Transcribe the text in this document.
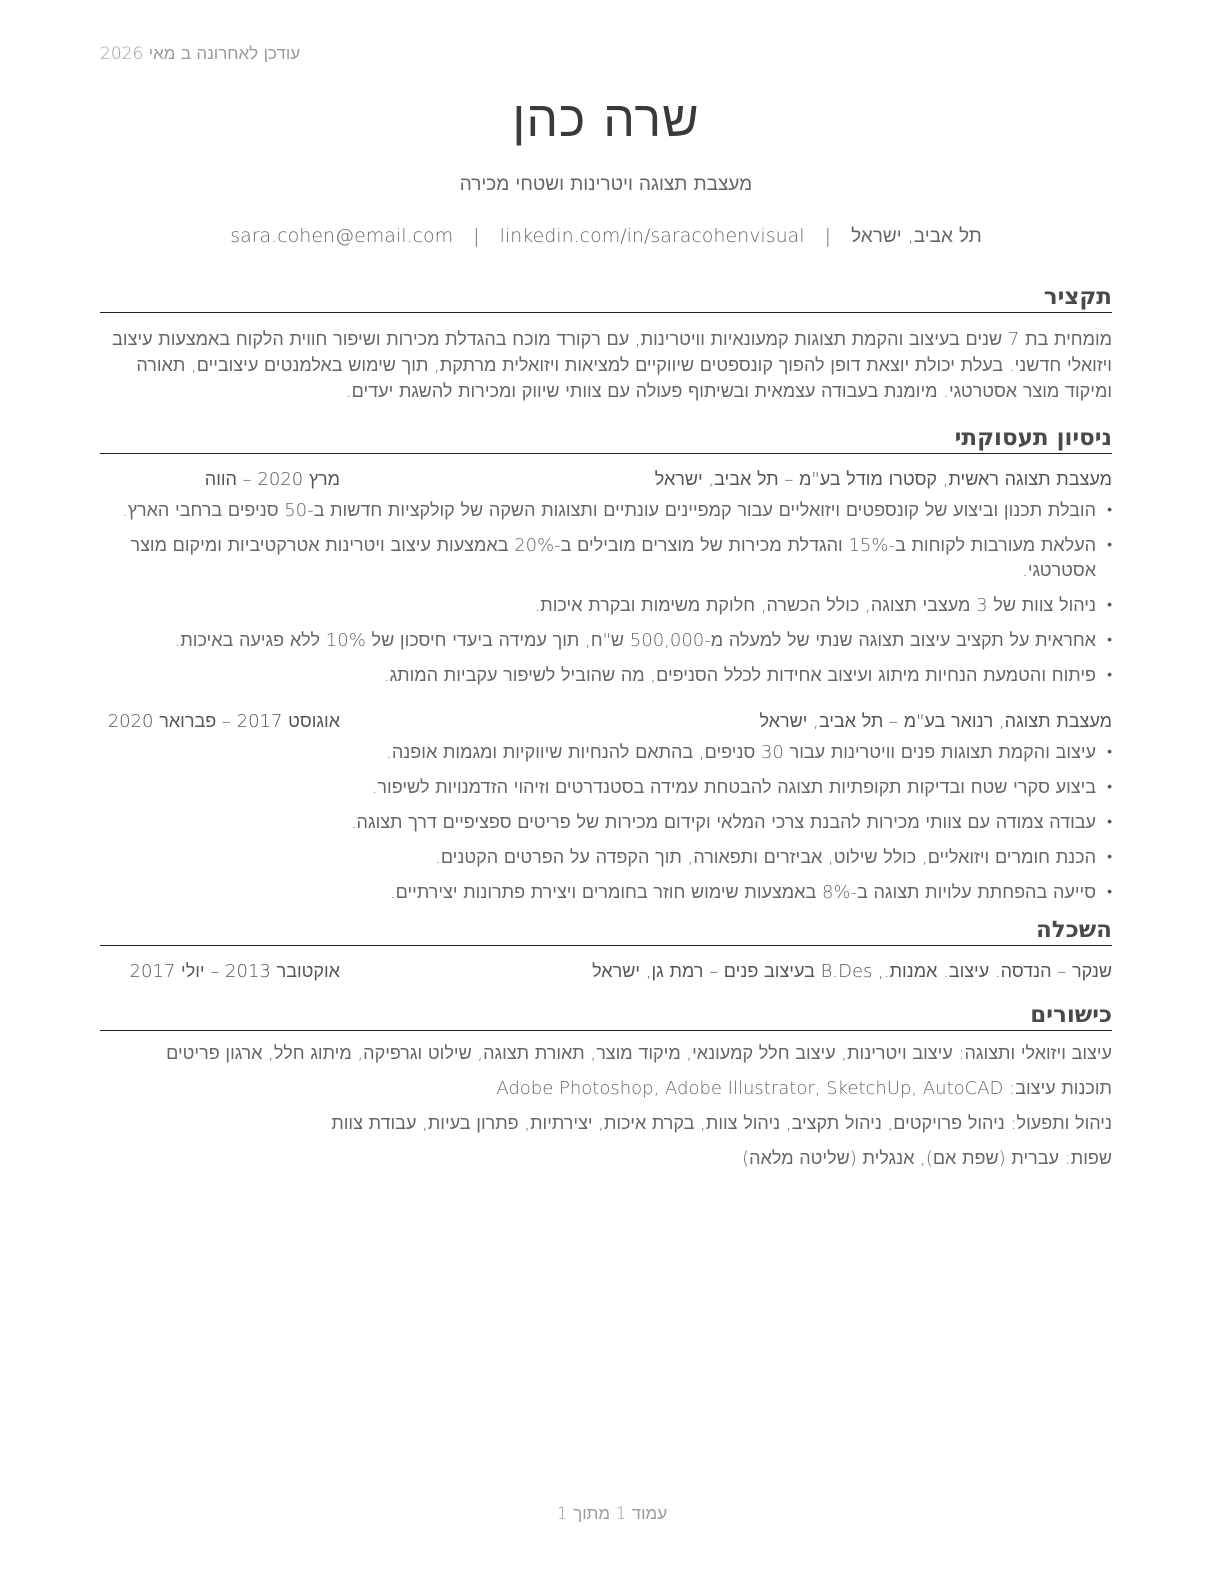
עודכן לאחרונה ב מאי 2026
שרה כהן
מעצבת תצוגה ויטרינות ושטחי מכירה
תל אביב, ישראל | sara.cohen@email.com | linkedin.com/in/saracohenvisual
תקציר

מומחית בת 7 שנים בעיצוב והקמת תצוגות קמעונאיות וויטרינות, עם רקורד מוכח בהגדלת מכירות ושיפור חווית הלקוח באמצעות עיצוב ויזואלי חדשני. בעלת יכולת יוצאת דופן להפוך קונספטים שיווקיים למציאות ויזואלית מרתקת, תוך שימוש באלמנטים עיצוביים, תאורה ומיקוד מוצר אסטרטגי. מיומנת בעבודה עצמאית ובשיתוף פעולה עם צוותי שיווק ומכירות להשגת יעדים.

ניסיון תעסוקתי
מעצבת תצוגה ראשית, קסטרו מודל בע"מ – תל אביב, ישראל
מרץ 2020 – הווה
• הובלת תכנון וביצוע של קונספטים ויזואליים עבור קמפיינים עונתיים ותצוגות השקה של קולקציות חדשות ב-50 סניפים ברחבי הארץ.
• העלאת מעורבות לקוחות ב-15% והגדלת מכירות של מוצרים מובילים ב-20% באמצעות עיצוב ויטרינות אטרקטיביות ומיקום מוצר אסטרטגי.
• ניהול צוות של 3 מעצבי תצוגה, כולל הכשרה, חלוקת משימות ובקרת איכות.
• אחראית על תקציב עיצוב תצוגה שנתי של למעלה מ-500,000 ש"ח, תוך עמידה ביעדי חיסכון של 10% ללא פגיעה באיכות.
• פיתוח והטמעת הנחיות מיתוג ועיצוב אחידות לכלל הסניפים, מה שהוביל לשיפור עקביות המותג.
מעצבת תצוגה, רנואר בע"מ – תל אביב, ישראל
אוגוסט 2017 – פברואר 2020
• עיצוב והקמת תצוגות פנים וויטרינות עבור 30 סניפים, בהתאם להנחיות שיווקיות ומגמות אופנה.
• ביצוע סקרי שטח ובדיקות תקופתיות תצוגה להבטחת עמידה בסטנדרטים וזיהוי הזדמנויות לשיפור.
• עבודה צמודה עם צוותי מכירות להבנת צרכי המלאי וקידום מכירות של פריטים ספציפיים דרך תצוגה.
• הכנת חומרים ויזואליים, כולל שילוט, אביזרים ותפאורה, תוך הקפדה על הפרטים הקטנים.
• סייעה בהפחתת עלויות תצוגה ב-8% באמצעות שימוש חוזר בחומרים ויצירת פתרונות יצירתיים.
השכלה
שנקר – הנדסה. עיצוב. אמנות., B.Des בעיצוב פנים – רמת גן, ישראל
אוקטובר 2013 – יולי 2017
כישורים

עיצוב ויזואלי ותצוגה: עיצוב ויטרינות, עיצוב חלל קמעונאי, מיקוד מוצר, תאורת תצוגה, שילוט וגרפיקה, מיתוג חלל, ארגון פריטים

תוכנות עיצוב: Adobe Photoshop, Adobe Illustrator, SketchUp, AutoCAD

ניהול ותפעול: ניהול פרויקטים, ניהול תקציב, ניהול צוות, בקרת איכות, יצירתיות, פתרון בעיות, עבודת צוות

שפות: עברית (שפת אם), אנגלית (שליטה מלאה)

עמוד 1 מתוך 1
